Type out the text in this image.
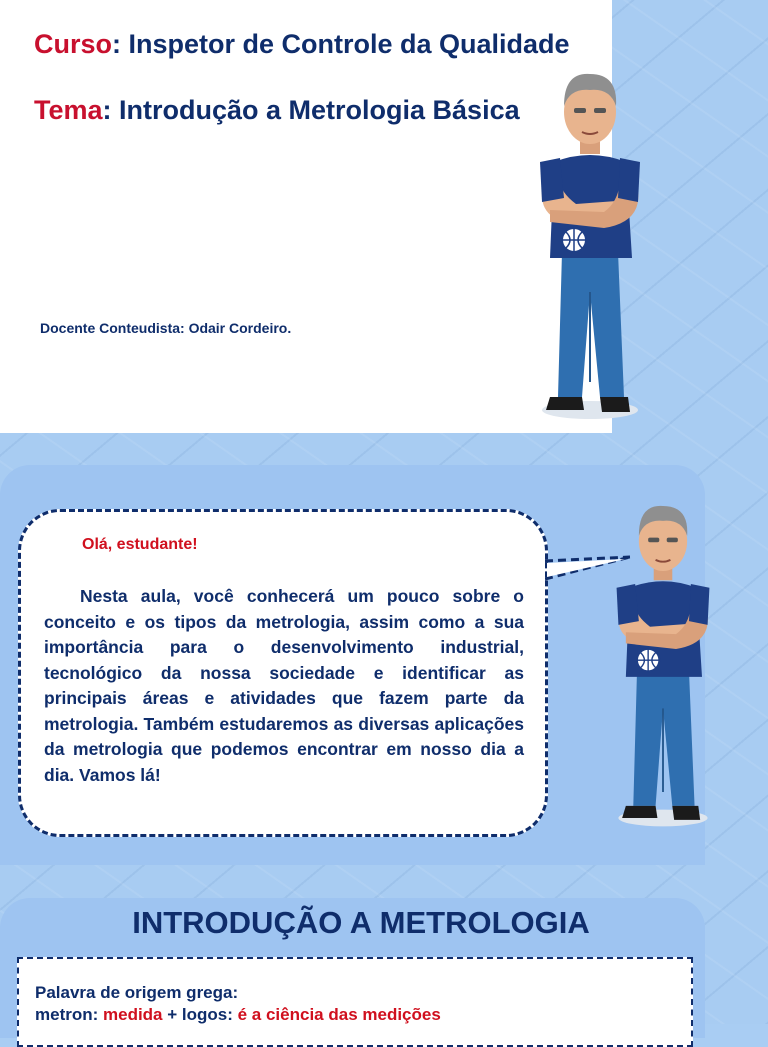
Curso: Inspetor de Controle da Qualidade
Tema: Introdução a Metrologia Básica
Docente Conteudista: Odair Cordeiro.
Olá, estudante!

Nesta aula, você conhecerá um pouco sobre o conceito e os tipos da metrologia, assim como a sua importância para o desenvolvimento industrial, tecnológico da nossa sociedade e identificar as principais áreas e atividades que fazem parte da metrologia. Também estudaremos as diversas aplicações da metrologia que podemos encontrar em nosso dia a dia. Vamos lá!

INTRODUÇÃO A METROLOGIA
Palavra de origem grega:
metron: medida + logos: é a ciência das medições
